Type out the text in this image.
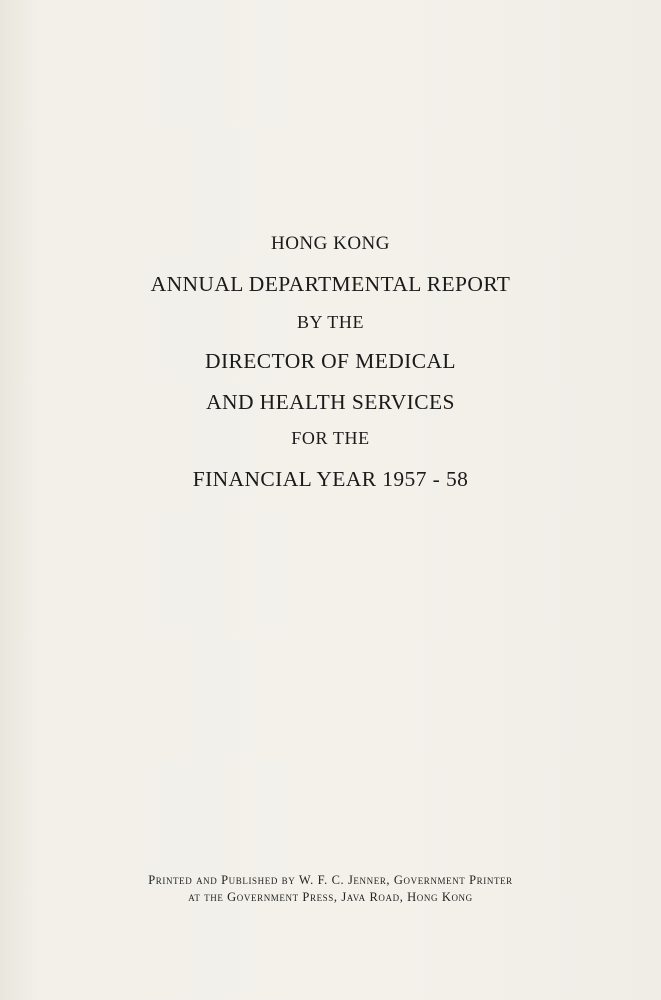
HONG KONG
ANNUAL DEPARTMENTAL REPORT
BY THE
DIRECTOR OF MEDICAL
AND HEALTH SERVICES
FOR THE
FINANCIAL YEAR 1957 - 58
Printed and Published by W. F. C. Jenner, Government Printer
at the Government Press, Java Road, Hong Kong
